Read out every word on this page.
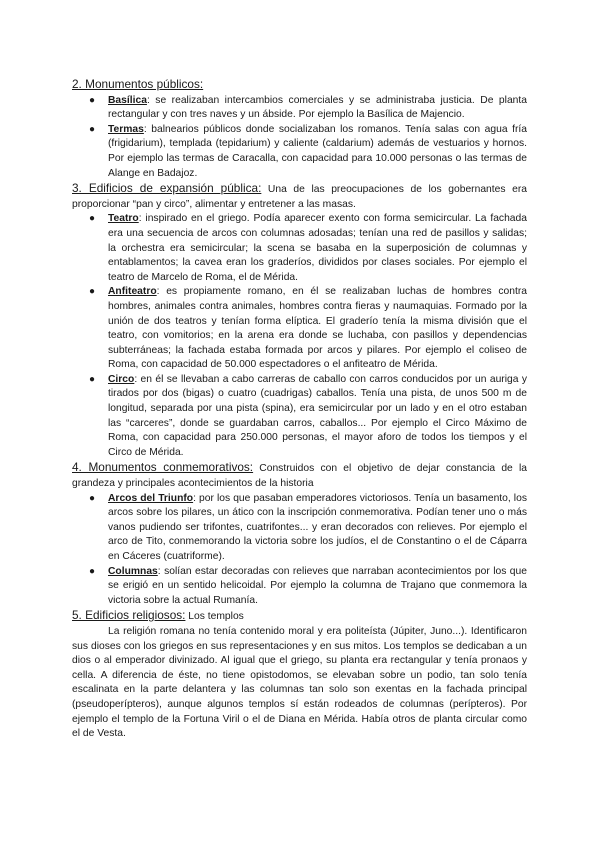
2. Monumentos públicos:

● Basílica: se realizaban intercambios comerciales y se administraba justicia. De planta rectangular y con tres naves y un ábside. Por ejemplo la Basílica de Majencio.
● Termas: balnearios públicos donde socializaban los romanos. Tenía salas con agua fría (frigidarium), templada (tepidarium) y caliente (caldarium) además de vestuarios y hornos. Por ejemplo las termas de Caracalla, con capacidad para 10.000 personas o las termas de Alange en Badajoz.

3. Edificios de expansión pública: Una de las preocupaciones de los gobernantes era proporcionar “pan y circo”, alimentar y entretener a las masas.

● Teatro: inspirado en el griego. Podía aparecer exento con forma semicircular. La fachada era una secuencia de arcos con columnas adosadas; tenían una red de pasillos y salidas; la orchestra era semicircular; la scena se basaba en la superposición de columnas y entablamentos; la cavea eran los graderíos, divididos por clases sociales. Por ejemplo el teatro de Marcelo de Roma, el de Mérida.
● Anfiteatro: es propiamente romano, en él se realizaban luchas de hombres contra hombres, animales contra animales, hombres contra fieras y naumaquias. Formado por la unión de dos teatros y tenían forma elíptica. El graderío tenía la misma división que el teatro, con vomitorios; en la arena era donde se luchaba, con pasillos y dependencias subterráneas; la fachada estaba formada por arcos y pilares. Por ejemplo el coliseo de Roma, con capacidad de 50.000 espectadores o el anfiteatro de Mérida.
● Circo: en él se llevaban a cabo carreras de caballo con carros conducidos por un auriga y tirados por dos (bigas) o cuatro (cuadrigas) caballos. Tenía una pista, de unos 500 m de longitud, separada por una pista (spina), era semicircular por un lado y en el otro estaban las “carceres”, donde se guardaban carros, caballos... Por ejemplo el Circo Máximo de Roma, con capacidad para 250.000 personas, el mayor aforo de todos los tiempos y el Circo de Mérida.

4. Monumentos conmemorativos: Construidos con el objetivo de dejar constancia de la grandeza y principales acontecimientos de la historia

● Arcos del Triunfo: por los que pasaban emperadores victoriosos. Tenía un basamento, los arcos sobre los pilares, un ático con la inscripción conmemorativa. Podían tener uno o más vanos pudiendo ser trifontes, cuatrifontes... y eran decorados con relieves. Por ejemplo el arco de Tito, conmemorando la victoria sobre los judíos, el de Constantino o el de Cáparra en Cáceres (cuatriforme).
● Columnas: solían estar decoradas con relieves que narraban acontecimientos por los que se erigió en un sentido helicoidal. Por ejemplo la columna de Trajano que conmemora la victoria sobre la actual Rumanía.

5. Edificios religiosos: Los templos

La religión romana no tenía contenido moral y era politeísta (Júpiter, Juno...). Identificaron sus dioses con los griegos en sus representaciones y en sus mitos. Los templos se dedicaban a un dios o al emperador divinizado. Al igual que el griego, su planta era rectangular y tenía pronaos y cella. A diferencia de éste, no tiene opistodomos, se elevaban sobre un podio, tan solo tenía escalinata en la parte delantera y las columnas tan solo son exentas en la fachada principal (pseudoperípteros), aunque algunos templos sí están rodeados de columnas (perípteros). Por ejemplo el templo de la Fortuna Viril o el de Diana en Mérida. Había otros de planta circular como el de Vesta.
